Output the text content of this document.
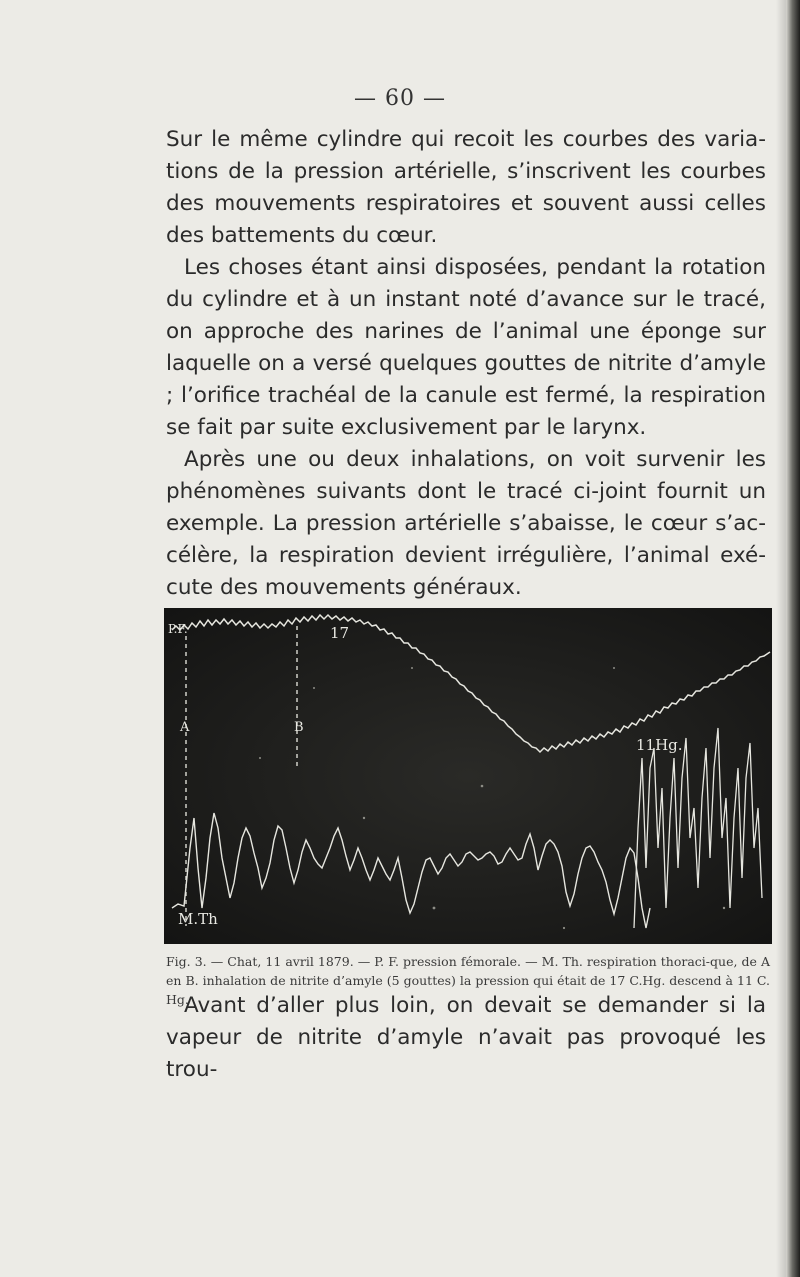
— 60 —

Sur le même cylindre qui recoit les courbes des varia-tions de la pression artérielle, s’inscrivent les courbes des mouvements respiratoires et souvent aussi celles des battements du cœur.

Les choses étant ainsi disposées, pendant la rotation du cylindre et à un instant noté d’avance sur le tracé, on approche des narines de l’animal une éponge sur laquelle on a versé quelques gouttes de nitrite d’amyle ; l’orifice trachéal de la canule est fermé, la respiration se fait par suite exclusivement par le larynx.

Après une ou deux inhalations, on voit survenir les phénomènes suivants dont le tracé ci-joint fournit un exemple. La pression artérielle s’abaisse, le cœur s’ac-célère, la respiration devient irrégulière, l’animal exé-cute des mouvements généraux.

P.F.	17
A	B
11Hg.
M.Th
Fig. 3. — Chat, 11 avril 1879. — P. F. pression fémorale. — M. Th. respiration thoraci-que, de A en B. inhalation de nitrite d’amyle (5 gouttes) la pression qui était de 17 C.Hg. descend à 11 C. Hg.

Avant d’aller plus loin, on devait se demander si la vapeur de nitrite d’amyle n’avait pas provoqué les trou-
